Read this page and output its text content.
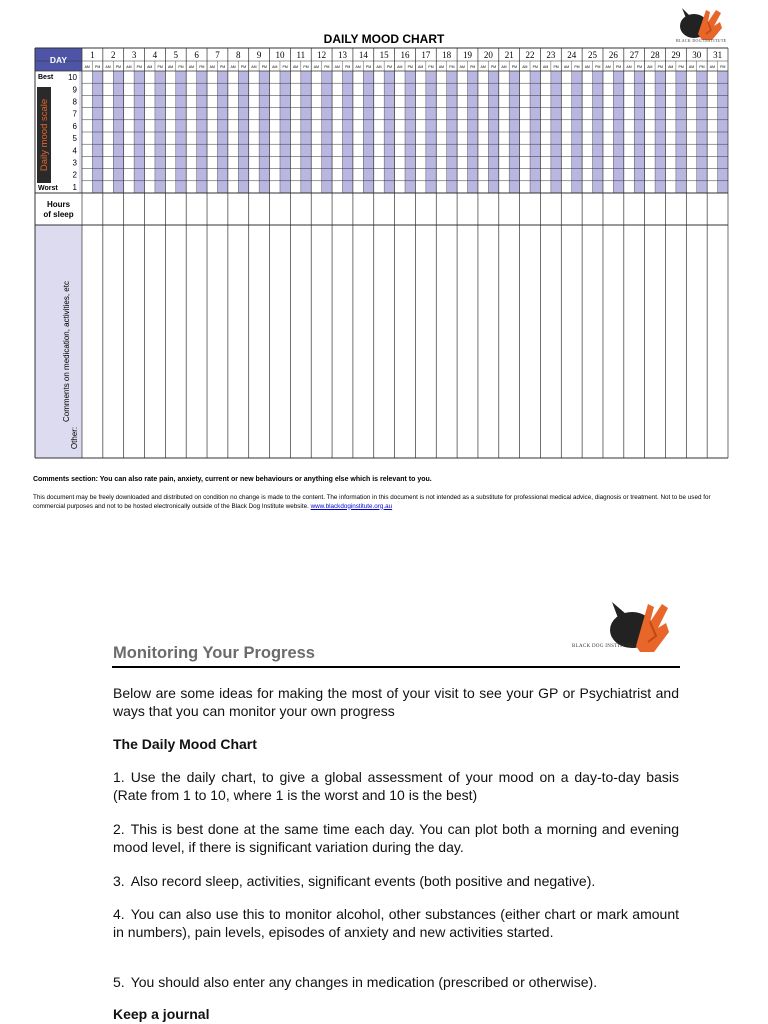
DAILY MOOD CHART	BLACK DOG INSTITUTE
1
AM PM
2
AM PM
3
AM PM
4
AM PM
5
AM PM
6
AM PM
7
AM PM
8
AM PM
9
AM PM
10
AM PM
11
AM PM
12
AM PM
13
AM PM
14
AM PM
15
AM PM
16
AM PM
17
AM PM
18
AM PM
19
AM PM
20
AM PM
21
AM PM
22
AM PM
23
AM PM
24
AM PM
25
AM PM
26
AM PM
27
AM PM
28
AM PM
29
AM PM
30
AM PM
31
AM PM
DAY
10
9
8
7
6
5
4
3
2
1
Best
Worst
Daily mood scale
Hours
of sleep
Comments on medication, activities, etc
Other:
Comments section: You can also rate pain, anxiety, current or new behaviours or anything else which is relevant to you.
This document may be freely downloaded and distributed on condition no change is made to the content. The information in this document is not intended as a substitute for professional medical advice, diagnosis or treatment. Not to be used for commercial purposes and not to be hosted electronically outside of the Black Dog Institute website. www.blackdoginstitute.org.au
BLACK DOG INSTITUTE
Monitoring Your Progress
Below are some ideas for making the most of your visit to see your GP or Psychiatrist and ways that you can monitor your own progress
The Daily Mood Chart
1. Use the daily chart, to give a global assessment of your mood on a day-to-day basis (Rate from 1 to 10, where 1 is the worst and 10 is the best)
2. This is best done at the same time each day. You can plot both a morning and evening mood level, if there is significant variation during the day.
3. Also record sleep, activities, significant events (both positive and negative).
4. You can also use this to monitor alcohol, other substances (either chart or mark amount in numbers), pain levels, episodes of anxiety and new activities started.
5. You should also enter any changes in medication (prescribed or otherwise).
Keep a journal
